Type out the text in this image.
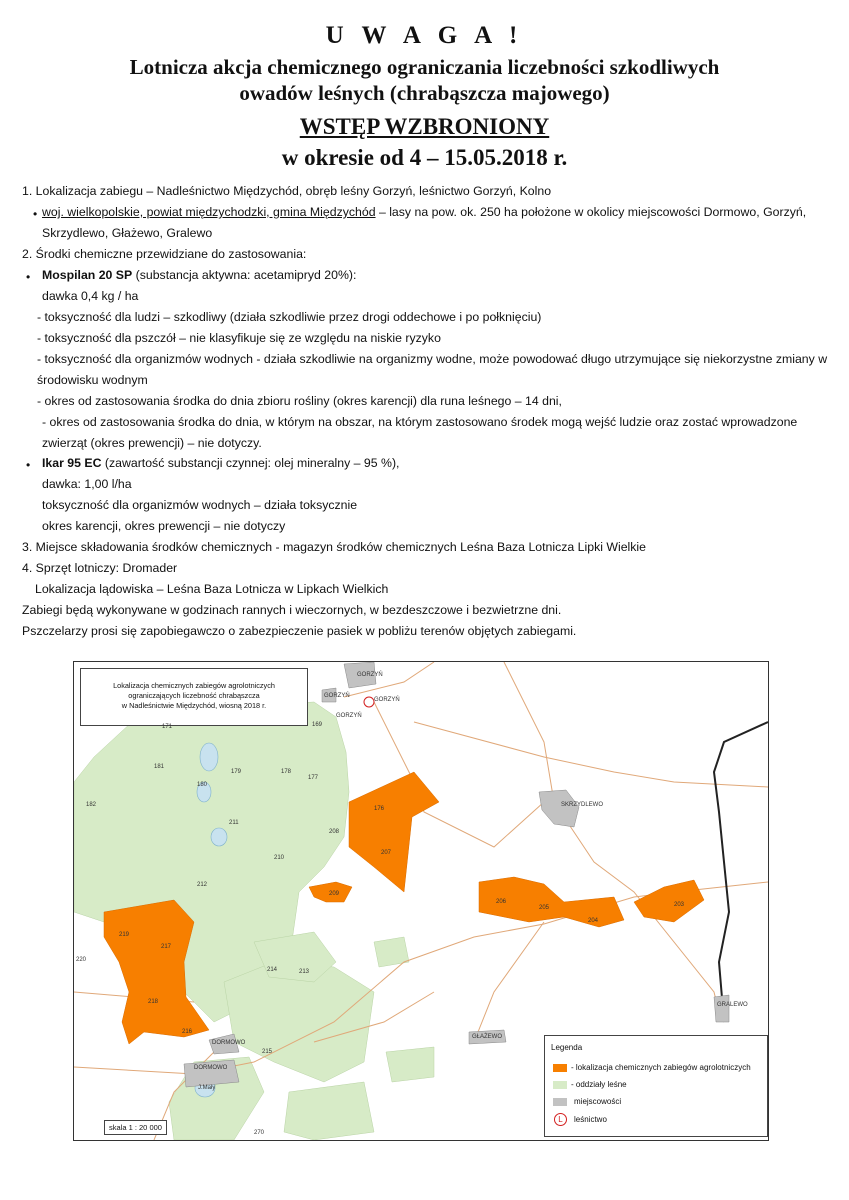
U W A G A !
Lotnicza akcja chemicznego ograniczania liczebności szkodliwych
owadów leśnych (chrabąszcza majowego)
WSTĘP WZBRONIONY
w okresie od 4 – 15.05.2018 r.
1. Lokalizacja zabiegu – Nadleśnictwo Międzychód, obręb leśny Gorzyń, leśnictwo Gorzyń, Kolno
• woj. wielkopolskie, powiat międzychodzki, gmina Międzychód – lasy na pow. ok. 250 ha położone w okolicy miejscowości Dormowo, Gorzyń,
Skrzydlewo, Głażewo, Gralewo
2. Środki chemiczne przewidziane do zastosowania:
• Mospilan 20 SP (substancja aktywna: acetamipryd 20%):
dawka 0,4 kg / ha
- toksyczność dla ludzi – szkodliwy (działa szkodliwie przez drogi oddechowe i po połknięciu)
- toksyczność dla pszczół – nie klasyfikuje się ze względu na niskie ryzyko
- toksyczność dla organizmów wodnych - działa szkodliwie na organizmy wodne, może powodować długo utrzymujące się niekorzystne zmiany w
środowisku wodnym
- okres od zastosowania środka do dnia zbioru rośliny (okres karencji) dla runa leśnego – 14 dni,
- okres od zastosowania środka do dnia, w którym na obszar, na którym zastosowano środek mogą wejść ludzie oraz zostać wprowadzone
zwierząt (okres prewencji) – nie dotyczy.
• Ikar 95 EC (zawartość substancji czynnej: olej mineralny – 95 %),
dawka: 1,00 l/ha
toksyczność dla organizmów wodnych – działa toksycznie
okres karencji, okres prewencji – nie dotyczy
3. Miejsce składowania środków chemicznych - magazyn środków chemicznych Leśna Baza Lotnicza Lipki Wielkie
4. Sprzęt lotniczy: Dromader
Lokalizacja lądowiska – Leśna Baza Lotnicza w Lipkach Wielkich
Zabiegi będą wykonywane w godzinach rannych i wieczornych, w bezdeszczowe i bezwietrzne dni.
Pszczelarzy prosi się zapobiegawczo o zabezpieczenie pasiek w pobliżu terenów objętych zabiegami.
Lokalizacja chemicznych zabiegów agrolotniczych
ograniczających liczebność chrabąszcza
w Nadleśnictwie Międzychód, wiosną 2018 r.
GORZYŃ
GORZYŃ
GORZYŃ
GORZYŃ
SKRZYDLEWO
GRALEWO
GŁAŻEWO
DORMOWO
DORMOWO
J.Mały
171	169
181
180
179	178
177
182
211
210
208
176
207
209
212
219
217
220
218
216
214	213
215
206
205
204
203
270
Legenda
- lokalizacja chemicznych zabiegów agrolotniczych
- oddziały leśne
miejscowości
L	leśnictwo
skala 1 : 20 000
